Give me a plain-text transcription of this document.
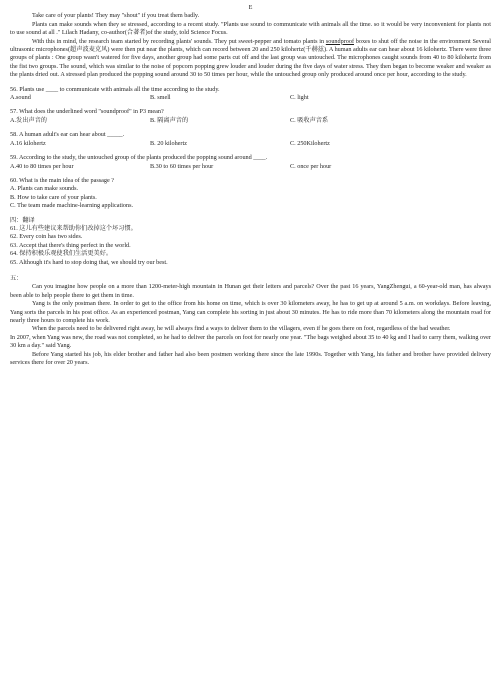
E

Take care of your plants! They may "shout" if you treat them badly.

Plants can make sounds when they se stressed, according to a recent study. "Plants use sound to communicate with animals all the time. so it would be very inconvenient for plants not to use sound at all ." Lilach Hadany, co-author(合著者)of the study, told Science Focus.

With this in mind, the research team started by recording plants' sounds. They put sweet-pepper and tomato plants in soundproof boxes to shut off the noise in the environment Several ultrasonic microphones(超声波麦克风) were then put near the plants, which can record between 20 and 250 kilohertz(千赫兹). A human adults ear can hear about 16 kilohertz. There were three groups of plants : One group wasn't watered for five days, another group had some parts cut off and the last group was untouched. The microphones caught sounds from 40 to 80 kilohertz from the fist two groups. The sound, which was similar to the noise of popcorn popping grew louder and louder during the five days of water stress. They then began to become weaker and weaker as the plants dried out. A stressed plan produced the popping sound around 30 to 50 times per hour, while the untouched group only produced around once per hour, according to the study.

56. Plants use ____ to communicate with animals all the time according to the study.

A.sound	B. smell	C. light

57. What does the underlined word "soundproof" in P3 mean?

A.发出声音的	B. 隔离声音的	C. 吸收声音系

58. A human adult's ear can hear about _____.

A.16 kilohertz	B. 20 kilohertz	C. 250Kilohertz

59. According to the study, the untouched group of the plants produced the popping sound around ____.

A.40 to 80 times per hour	B.30 to 60 times per hour	C. once per hour

60. What is the main idea of the passage ?

A. Plants can make sounds.

B. How to take care of your plants.

C. The team made machine-learning applications.

四：翻译

61. 这儿有些建议来帮助你们改掉这个坏习惯。

62. Every coin has two sides.

63. Accept that there's thing perfect in the world.

64. 保持积极乐观使我们生活更美好。

65. Although it's hard to stop doing that, we should try our best.

五：

Can you imagine how people on a more than 1200-meter-high mountain in Hunan get their letters and parcels? Over the past 16 years, YangZhengui, a 60-year-old man, has always been able to help people there to get them in time.

Yang is the only postman there. In order to get to the office from his home on time, which is over 30 kilometers away, he has to get up at around 5 a.m. on workdays. Before leaving, Yang sorts the parcels in his post office. As an experienced postman, Yang can complete his sorting in just about 30 minutes. He has to ride more than 70 kilometers along the mountain road for nearly three hours to complete his work.

When the parcels need to be delivered right away, he will always find a ways to deliver them to the villagers, even if he goes there on foot, regardless of the bad weather.

In 2007, when Yang was new, the road was not completed, so he had to deliver the parcels on foot for nearly one year. "The bags weighed about 35 to 40 kg and I had to carry them, walking over 30 km a day." said Yang.

Before Yang started his job, his elder brother and father had also been postmen working there since the late 1990s. Together with Yang, his father and brother have provided delivery services there for over 20 years.
